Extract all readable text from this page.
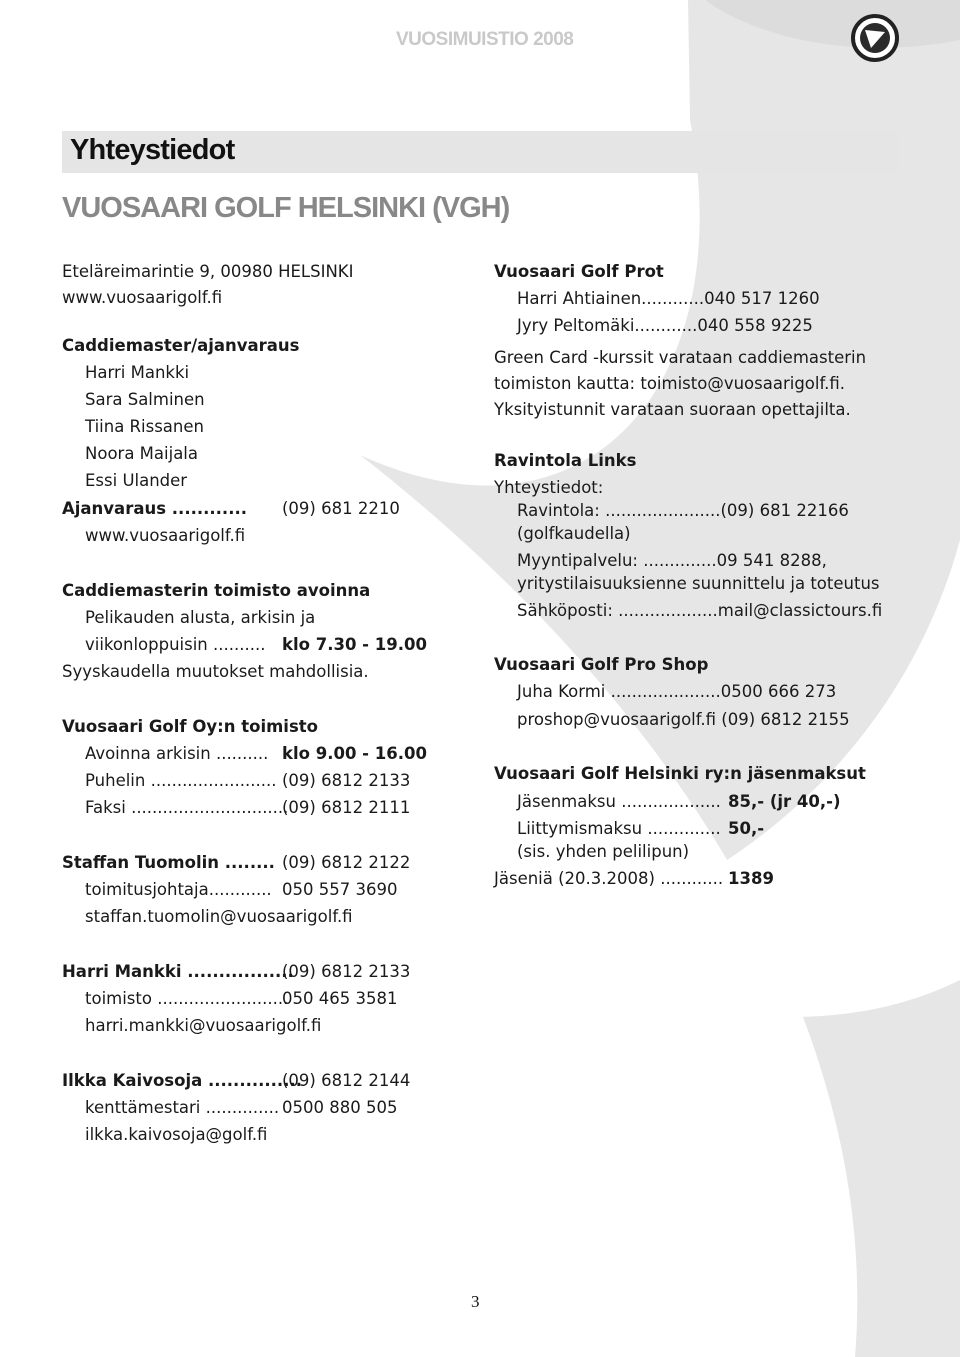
VUOSIMUISTIO 2008
Yhteystiedot
VUOSAARI GOLF HELSINKI (VGH)
Eteläreimarintie 9, 00980 HELSINKI
www.vuosaarigolf.fi
Caddiemaster/ajanvaraus
Harri Mankki
Sara Salminen
Tiina Rissanen
Noora Maijala
Essi Ulander
Ajanvaraus ............ (09) 681 2210
www.vuosaarigolf.fi
Caddiemasterin toimisto avoinna
Pelikauden alusta, arkisin ja
viikonloppuisin .......... klo 7.30 - 19.00
Syyskaudella muutokset mahdollisia.
Vuosaari Golf Oy:n toimisto
Avoinna arkisin .......... klo 9.00 - 16.00
Puhelin ........................ (09) 6812 2133
Faksi ..............................
(09) 6812 2111
Staffan Tuomolin ........ (09) 6812 2122
toimitusjohtaja............ 050 557 3690
staffan.tuomolin@vuosaarigolf.fi
Harri Mankki .................
(09) 6812 2133
toimisto .........................
050 465 3581
harri.mankki@vuosaarigolf.fi
Ilkka Kaivosoja ...............
(09) 6812 2144
kenttämestari .............. 0500 880 505
ilkka.kaivosoja@golf.fi
Vuosaari Golf Prot
Harri Ahtiainen............040 517 1260
Jyry Peltomäki............040 558 9225
Green Card -kurssit varataan caddiemasterin
toimiston kautta: toimisto@vuosaarigolf.fi.
Yksityistunnit varataan suoraan opettajilta.
Ravintola Links
Yhteystiedot:
Ravintola: ......................(09) 681 22166
(golfkaudella)
Myyntipalvelu: ..............09 541 8288,
yritystilaisuuksienne suunnittelu ja toteutus
Sähköposti: ...................mail@classictours.fi
Vuosaari Golf Pro Shop
Juha Kormi .....................0500 666 273
proshop@vuosaarigolf.fi (09) 6812 2155
Vuosaari Golf Helsinki ry:n jäsenmaksut
Jäsenmaksu ................... 85,- (jr 40,-)
Liittymismaksu .............. 50,-
(sis. yhden pelilipun)
Jäseniä (20.3.2008) ............ 1389
3
